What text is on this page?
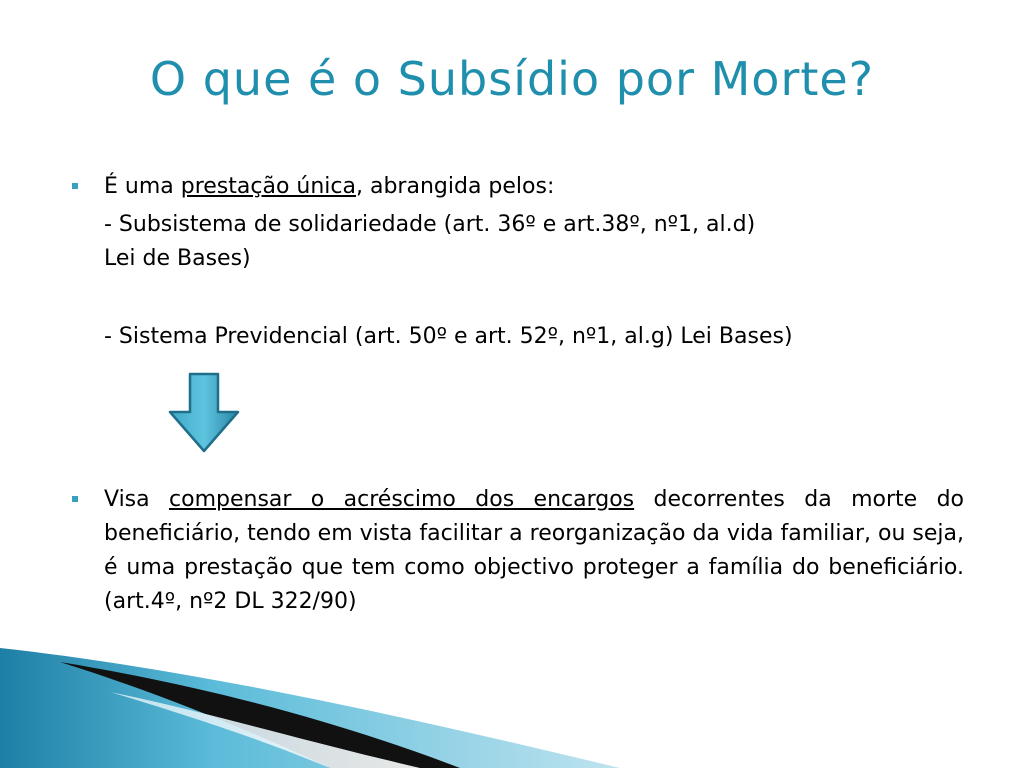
O que é o Subsídio por Morte?
É uma prestação única, abrangida pelos:
- Subsistema de solidariedade (art. 36º e art.38º, nº1, al.d)
Lei de Bases)
- Sistema Previdencial (art. 50º e art. 52º, nº1, al.g) Lei Bases)
Visa compensar o acréscimo dos encargos decorrentes da morte do beneficiário, tendo em vista facilitar a reorganização da vida familiar, ou seja, é uma prestação que tem como objectivo proteger a família do beneficiário. (art.4º, nº2 DL 322/90)
